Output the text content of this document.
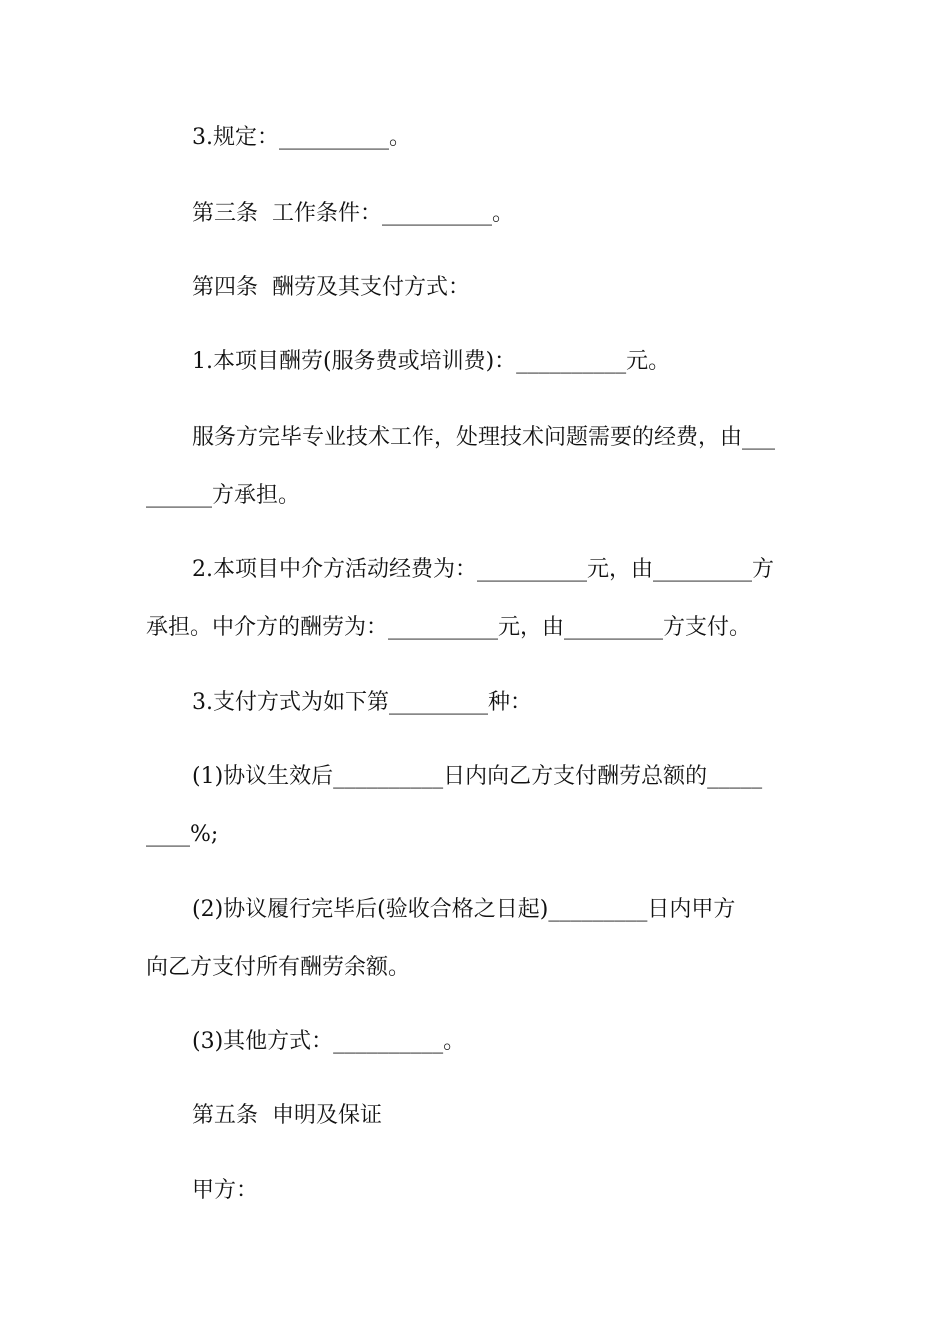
3.规定：__________。
第三条  工作条件：__________。
第四条  酬劳及其支付方式：
1.本项目酬劳(服务费或培训费)：__________元。
服务方完毕专业技术工作，处理技术问题需要的经费，由___
______方承担。
2.本项目中介方活动经费为：__________元，由_________方
承担。中介方的酬劳为：__________元，由_________方支付。
3.支付方式为如下第_________种：
(1)协议生效后__________日内向乙方支付酬劳总额的_____
____%;
(2)协议履行完毕后(验收合格之日起)_________日内甲方
向乙方支付所有酬劳余额。
(3)其他方式：__________。
第五条  申明及保证
甲方：
